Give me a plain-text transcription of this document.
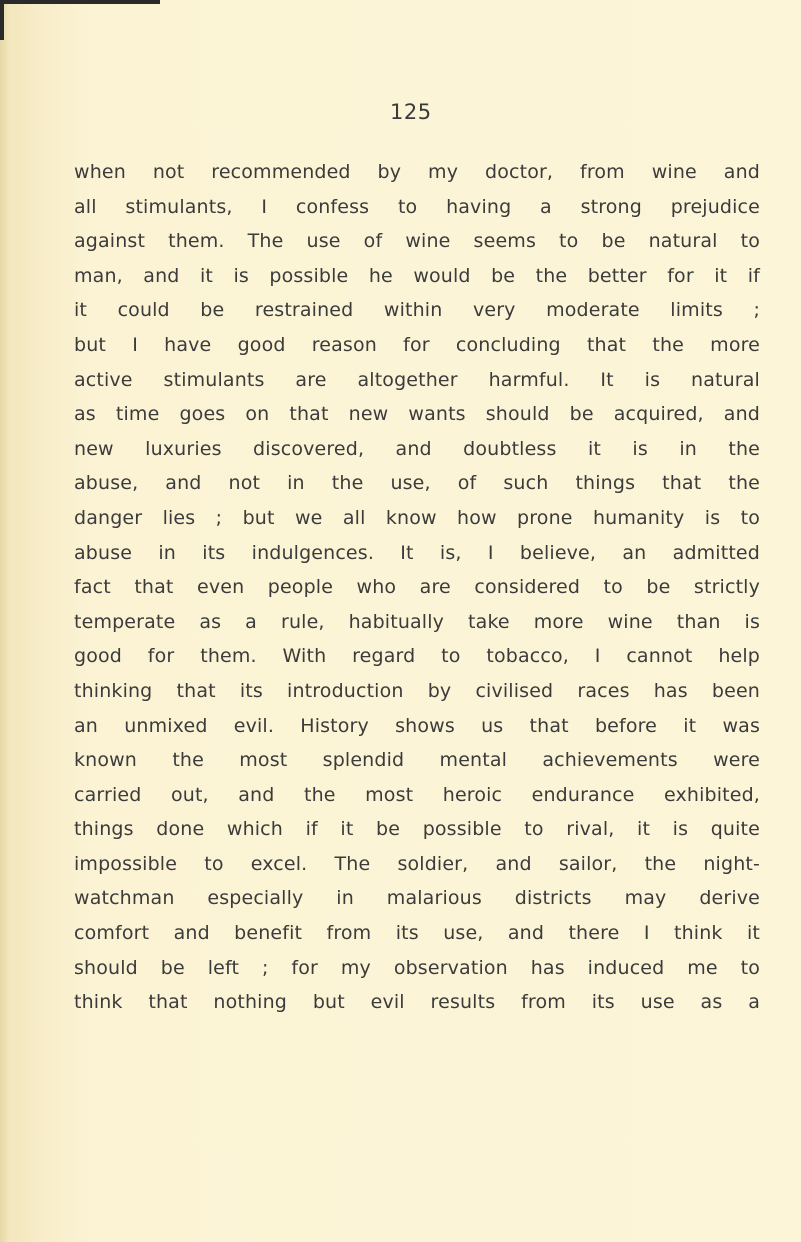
125

when not recommended by my doctor, from wine and
all stimulants, I confess to having a strong prejudice
against them. The use of wine seems to be natural to
man, and it is possible he would be the better for it if
it could be restrained within very moderate limits ;
but I have good reason for concluding that the more
active stimulants are altogether harmful. It is natural
as time goes on that new wants should be acquired, and
new luxuries discovered, and doubtless it is in the
abuse, and not in the use, of such things that the
danger lies ; but we all know how prone humanity is to
abuse in its indulgences. It is, I believe, an admitted
fact that even people who are considered to be strictly
temperate as a rule, habitually take more wine than is
good for them. With regard to tobacco, I cannot help
thinking that its introduction by civilised races has been
an unmixed evil. History shows us that before it was
known the most splendid mental achievements were
carried out, and the most heroic endurance exhibited,
things done which if it be possible to rival, it is quite
impossible to excel. The soldier, and sailor, the night-
watchman especially in malarious districts may derive
comfort and benefit from its use, and there I think it
should be left ; for my observation has induced me to
think that nothing but evil results from its use as a
